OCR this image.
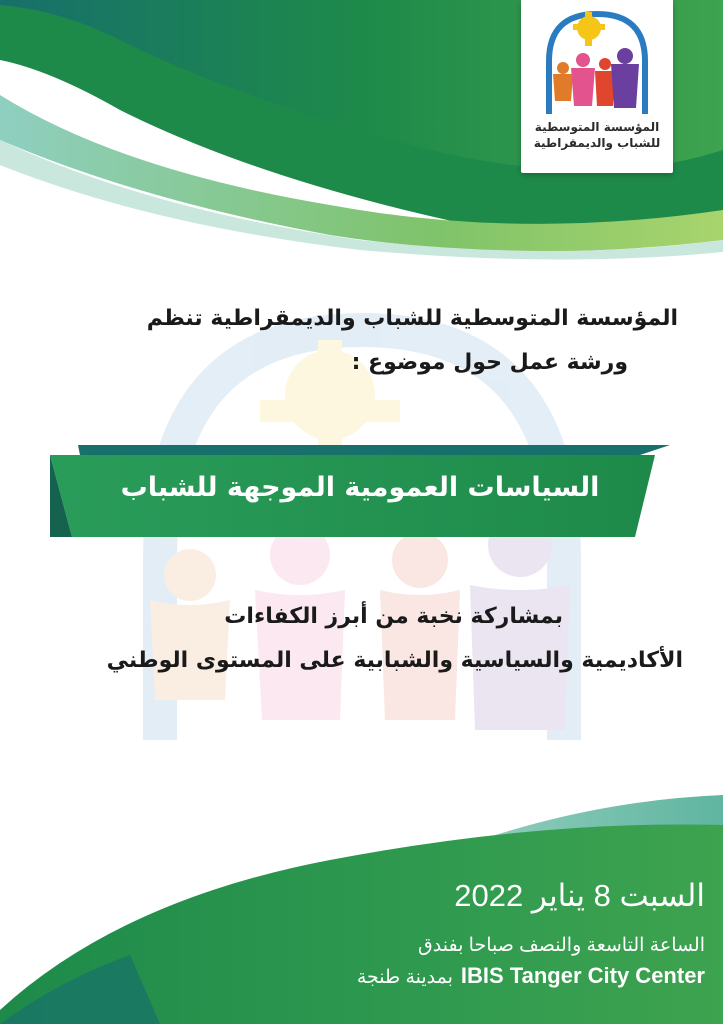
المؤسسة المتوسطية
للشباب والديمقراطية
المؤسسة المتوسطية للشباب والديمقراطية تنظم
ورشة عمل حول موضوع :
السياسات العمومية الموجهة للشباب
بمشاركة نخبة من أبرز الكفاءات
الأكاديمية والسياسية والشبابية على المستوى الوطني
السبت 8 يناير 2022
الساعة التاسعة والنصف صباحا بفندق
بمدينة طنجة IBIS Tanger City Center
